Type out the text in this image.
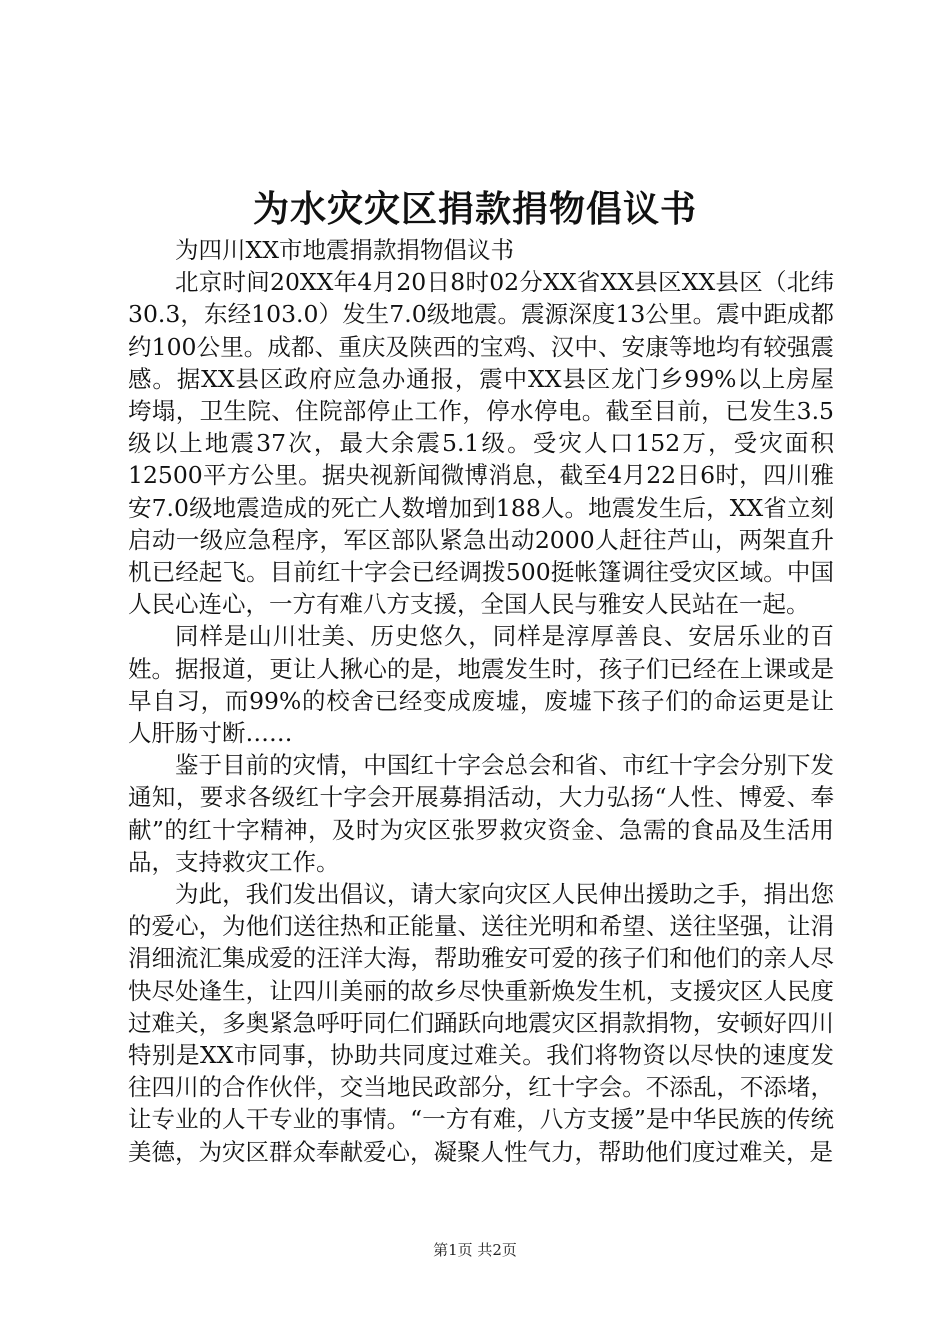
为水灾灾区捐款捐物倡议书

为四川XX市地震捐款捐物倡议书

北京时间20XX年4月20日8时02分XX省XX县区XX县区（北纬30.3，东经103.0）发生7.0级地震。震源深度13公里。震中距成都约100公里。成都、重庆及陕西的宝鸡、汉中、安康等地均有较强震感。据XX县区政府应急办通报，震中XX县区龙门乡99%以上房屋垮塌，卫生院、住院部停止工作，停水停电。截至目前，已发生3.5级以上地震37次，最大余震5.1级。受灾人口152万，受灾面积12500平方公里。据央视新闻微博消息，截至4月22日6时，四川雅安7.0级地震造成的死亡人数增加到188人。地震发生后，XX省立刻启动一级应急程序，军区部队紧急出动2000人赶往芦山，两架直升机已经起飞。目前红十字会已经调拨500挺帐篷调往受灾区域。中国人民心连心，一方有难八方支援，全国人民与雅安人民站在一起。

同样是山川壮美、历史悠久，同样是淳厚善良、安居乐业的百姓。据报道，更让人揪心的是，地震发生时，孩子们已经在上课或是早自习，而99%的校舍已经变成废墟，废墟下孩子们的命运更是让人肝肠寸断……

鉴于目前的灾情，中国红十字会总会和省、市红十字会分别下发通知，要求各级红十字会开展募捐活动，大力弘扬“人性、博爱、奉献”的红十字精神，及时为灾区张罗救灾资金、急需的食品及生活用品，支持救灾工作。

为此，我们发出倡议，请大家向灾区人民伸出援助之手，捐出您的爱心，为他们送往热和正能量、送往光明和希望、送往坚强，让涓涓细流汇集成爱的汪洋大海，帮助雅安可爱的孩子们和他们的亲人尽快尽处逢生，让四川美丽的故乡尽快重新焕发生机，支援灾区人民度过难关，多奥紧急呼吁同仁们踊跃向地震灾区捐款捐物，安顿好四川特别是XX市同事，协助共同度过难关。我们将物资以尽快的速度发往四川的合作伙伴，交当地民政部分，红十字会。不添乱，不添堵，让专业的人干专业的事情。“一方有难，八方支援”是中华民族的传统美德，为灾区群众奉献爱心，凝聚人性气力，帮助他们度过难关，是

第1页 共2页
